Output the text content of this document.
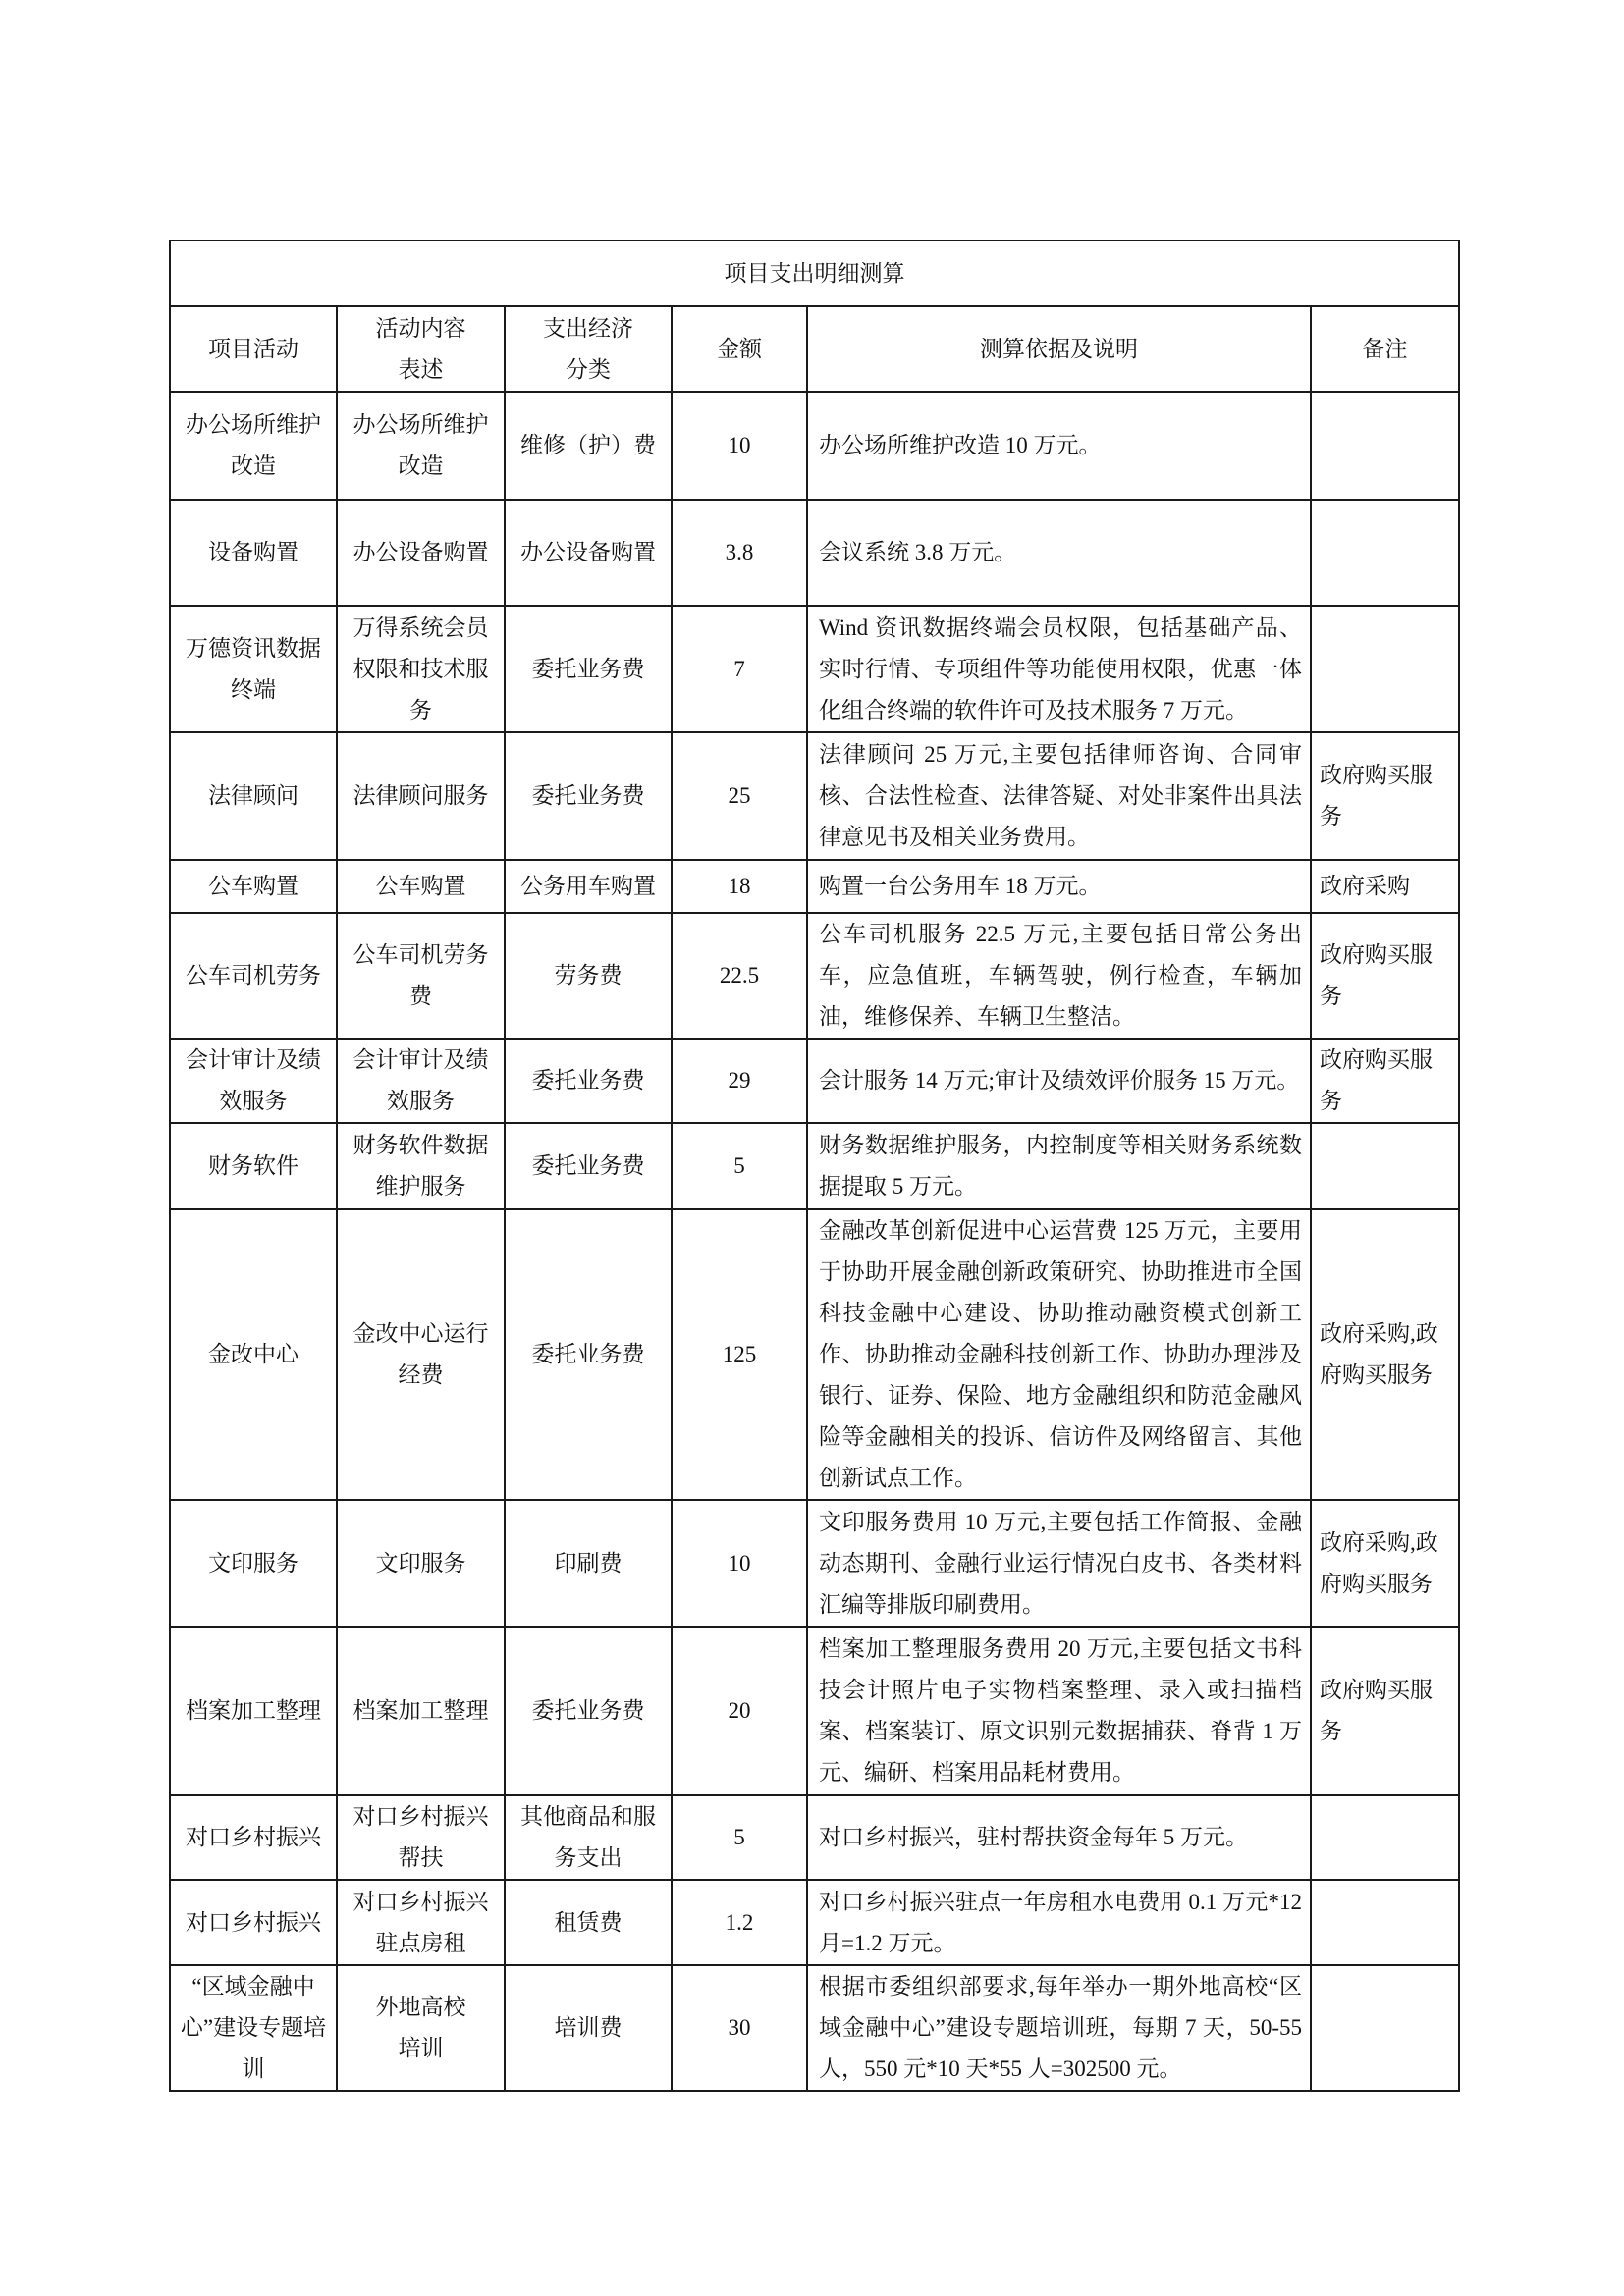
项目支出明细测算					
项目活动	活动内容表述	支出经济分类	金额	测算依据及说明	备注
办公场所维护改造	办公场所维护改造	维修（护）费	10	办公场所维护改造 10 万元。	
设备购置	办公设备购置	办公设备购置	3.8	会议系统 3.8 万元。	
万德资讯数据终端	万得系统会员权限和技术服务	委托业务费	7	Wind 资讯数据终端会员权限，包括基础产品、实时行情、专项组件等功能使用权限，优惠一体化组合终端的软件许可及技术服务 7 万元。	
法律顾问	法律顾问服务	委托业务费	25	法律顾问 25 万元,主要包括律师咨询、合同审核、合法性检查、法律答疑、对处非案件出具法律意见书及相关业务费用。	政府购买服务
公车购置	公车购置	公务用车购置	18	购置一台公务用车 18 万元。	政府采购
公车司机劳务	公车司机劳务费	劳务费	22.5	公车司机服务 22.5 万元,主要包括日常公务出车，应急值班，车辆驾驶，例行检查，车辆加油，维修保养、车辆卫生整洁。	政府购买服务
会计审计及绩效服务	会计审计及绩效服务	委托业务费	29	会计服务 14 万元;审计及绩效评价服务 15 万元。	政府购买服务
财务软件	财务软件数据维护服务	委托业务费	5	财务数据维护服务，内控制度等相关财务系统数据提取 5 万元。	
金改中心	金改中心运行经费	委托业务费	125	金融改革创新促进中心运营费 125 万元，主要用于协助开展金融创新政策研究、协助推进市全国科技金融中心建设、协助推动融资模式创新工作、协助推动金融科技创新工作、协助办理涉及银行、证券、保险、地方金融组织和防范金融风险等金融相关的投诉、信访件及网络留言、其他创新试点工作。	政府采购,政府购买服务
文印服务	文印服务	印刷费	10	文印服务费用 10 万元,主要包括工作简报、金融动态期刊、金融行业运行情况白皮书、各类材料汇编等排版印刷费用。	政府采购,政府购买服务
档案加工整理	档案加工整理	委托业务费	20	档案加工整理服务费用 20 万元,主要包括文书科技会计照片电子实物档案整理、录入或扫描档案、档案装订、原文识别元数据捕获、脊背 1 万元、编研、档案用品耗材费用。	政府购买服务
对口乡村振兴	对口乡村振兴帮扶	其他商品和服务支出	5	对口乡村振兴，驻村帮扶资金每年 5 万元。	
对口乡村振兴	对口乡村振兴驻点房租	租赁费	1.2	对口乡村振兴驻点一年房租水电费用 0.1 万元*12 月=1.2 万元。	
“区域金融中心”建设专题培训	外地高校培训	培训费	30	根据市委组织部要求,每年举办一期外地高校“区域金融中心”建设专题培训班，每期 7 天，50-55 人，550 元*10 天*55 人=302500 元。	
